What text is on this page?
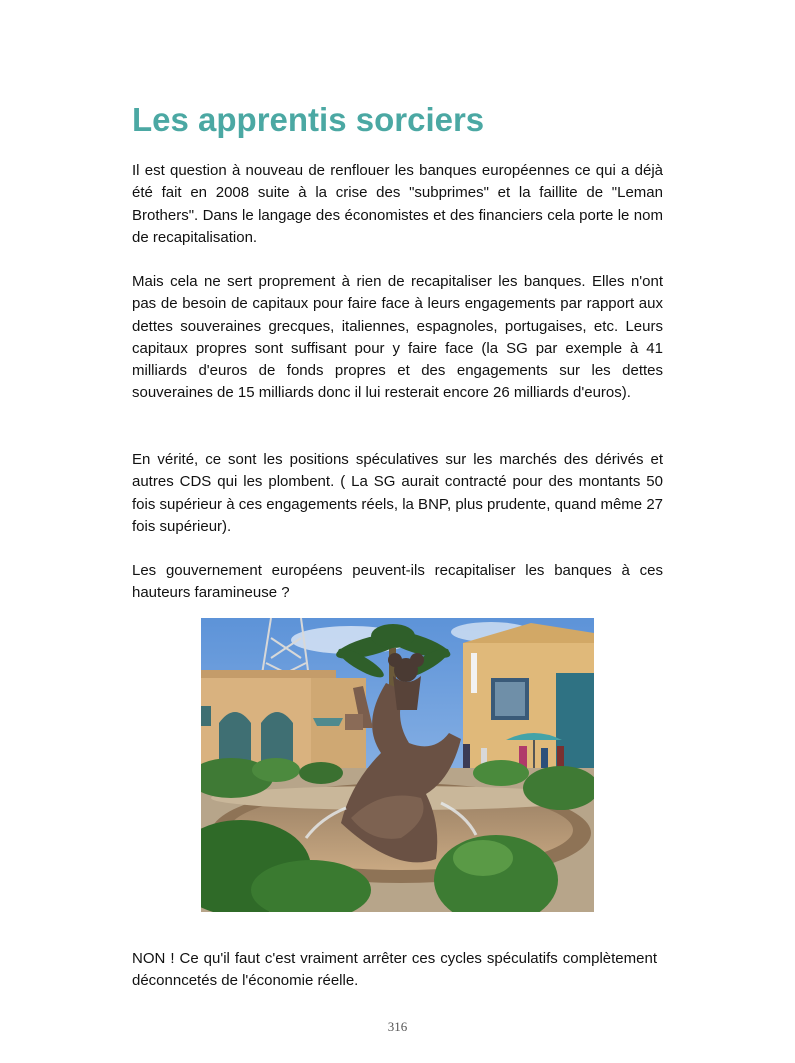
Les apprentis sorciers

Il est question à nouveau de renflouer les banques européennes ce qui a déjà été fait en 2008 suite à la crise des "subprimes" et la faillite de "Leman Brothers". Dans le langage des économistes et des financiers cela porte le nom de recapitalisation.

Mais cela ne sert proprement à rien de recapitaliser les banques. Elles n'ont pas de besoin de capitaux pour faire face à leurs engagements par rapport aux dettes souveraines grecques, italiennes, espagnoles, portugaises, etc. Leurs capitaux propres sont suffisant pour y faire face (la SG par exemple à 41 milliards d'euros de fonds propres et des engagements sur les dettes souveraines de 15 milliards donc il lui resterait encore 26 milliards d'euros).

En vérité, ce sont les positions spéculatives sur les marchés des dérivés et autres CDS qui les plombent. ( La SG aurait contracté pour des montants 50 fois supérieur à ces engagements réels, la BNP, plus prudente, quand même 27 fois supérieur).

Les gouvernement européens peuvent-ils recapitaliser les banques à ces hauteurs faramineuse ?

NON ! Ce qu'il faut c'est vraiment arrêter ces cycles spéculatifs complètement déconncetés de l'économie réelle.

316
